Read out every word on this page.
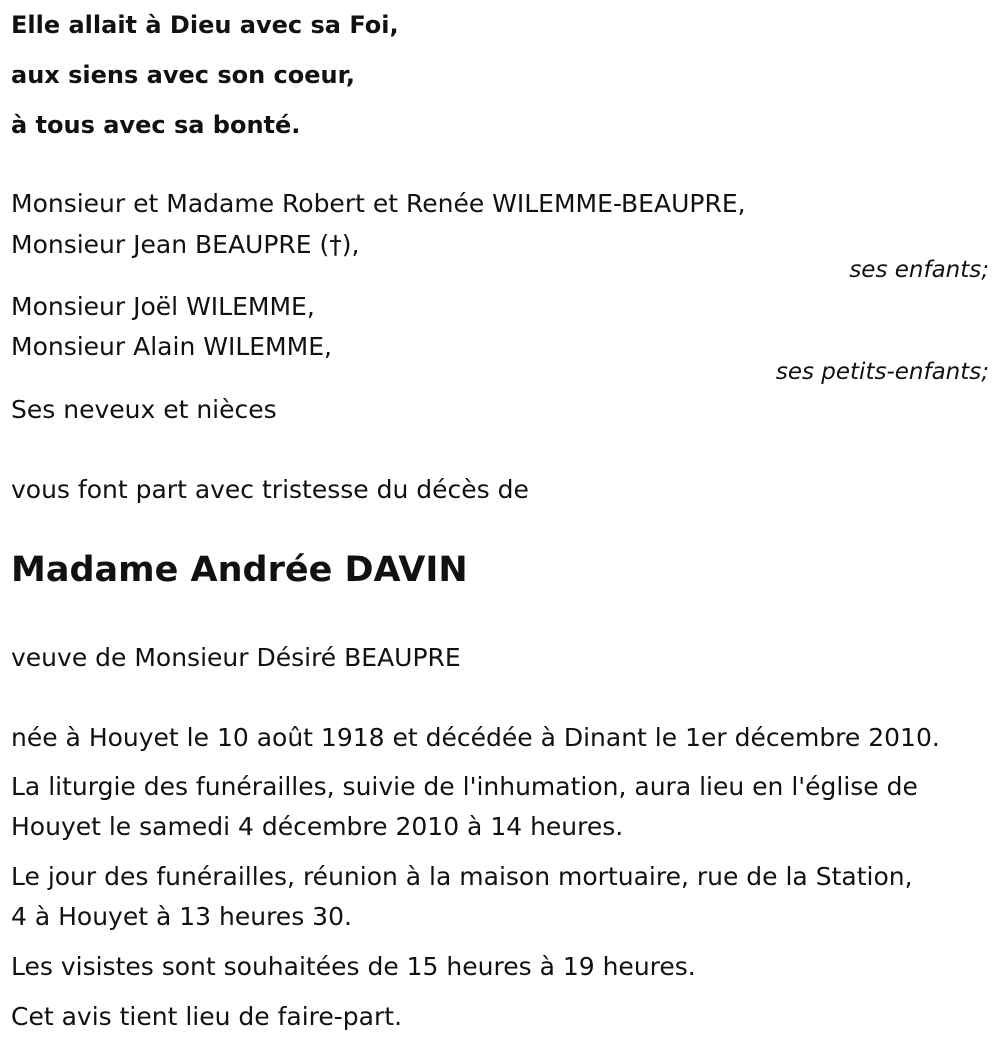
Elle allait à Dieu avec sa Foi,
aux siens avec son coeur,
à tous avec sa bonté.
Monsieur et Madame Robert et Renée WILEMME-BEAUPRE,
Monsieur Jean BEAUPRE (†),
ses enfants;
Monsieur Joël WILEMME,
Monsieur Alain WILEMME,
ses petits-enfants;
Ses neveux et nièces
vous font part avec tristesse du décès de
Madame Andrée DAVIN
veuve de Monsieur Désiré BEAUPRE
née à Houyet le 10 août 1918 et décédée à Dinant le 1er décembre 2010.
La liturgie des funérailles, suivie de l'inhumation, aura lieu en l'église de
Houyet le samedi 4 décembre 2010 à 14 heures.
Le jour des funérailles, réunion à la maison mortuaire, rue de la Station,
4 à Houyet à 13 heures 30.
Les visistes sont souhaitées de 15 heures à 19 heures.
Cet avis tient lieu de faire-part.
